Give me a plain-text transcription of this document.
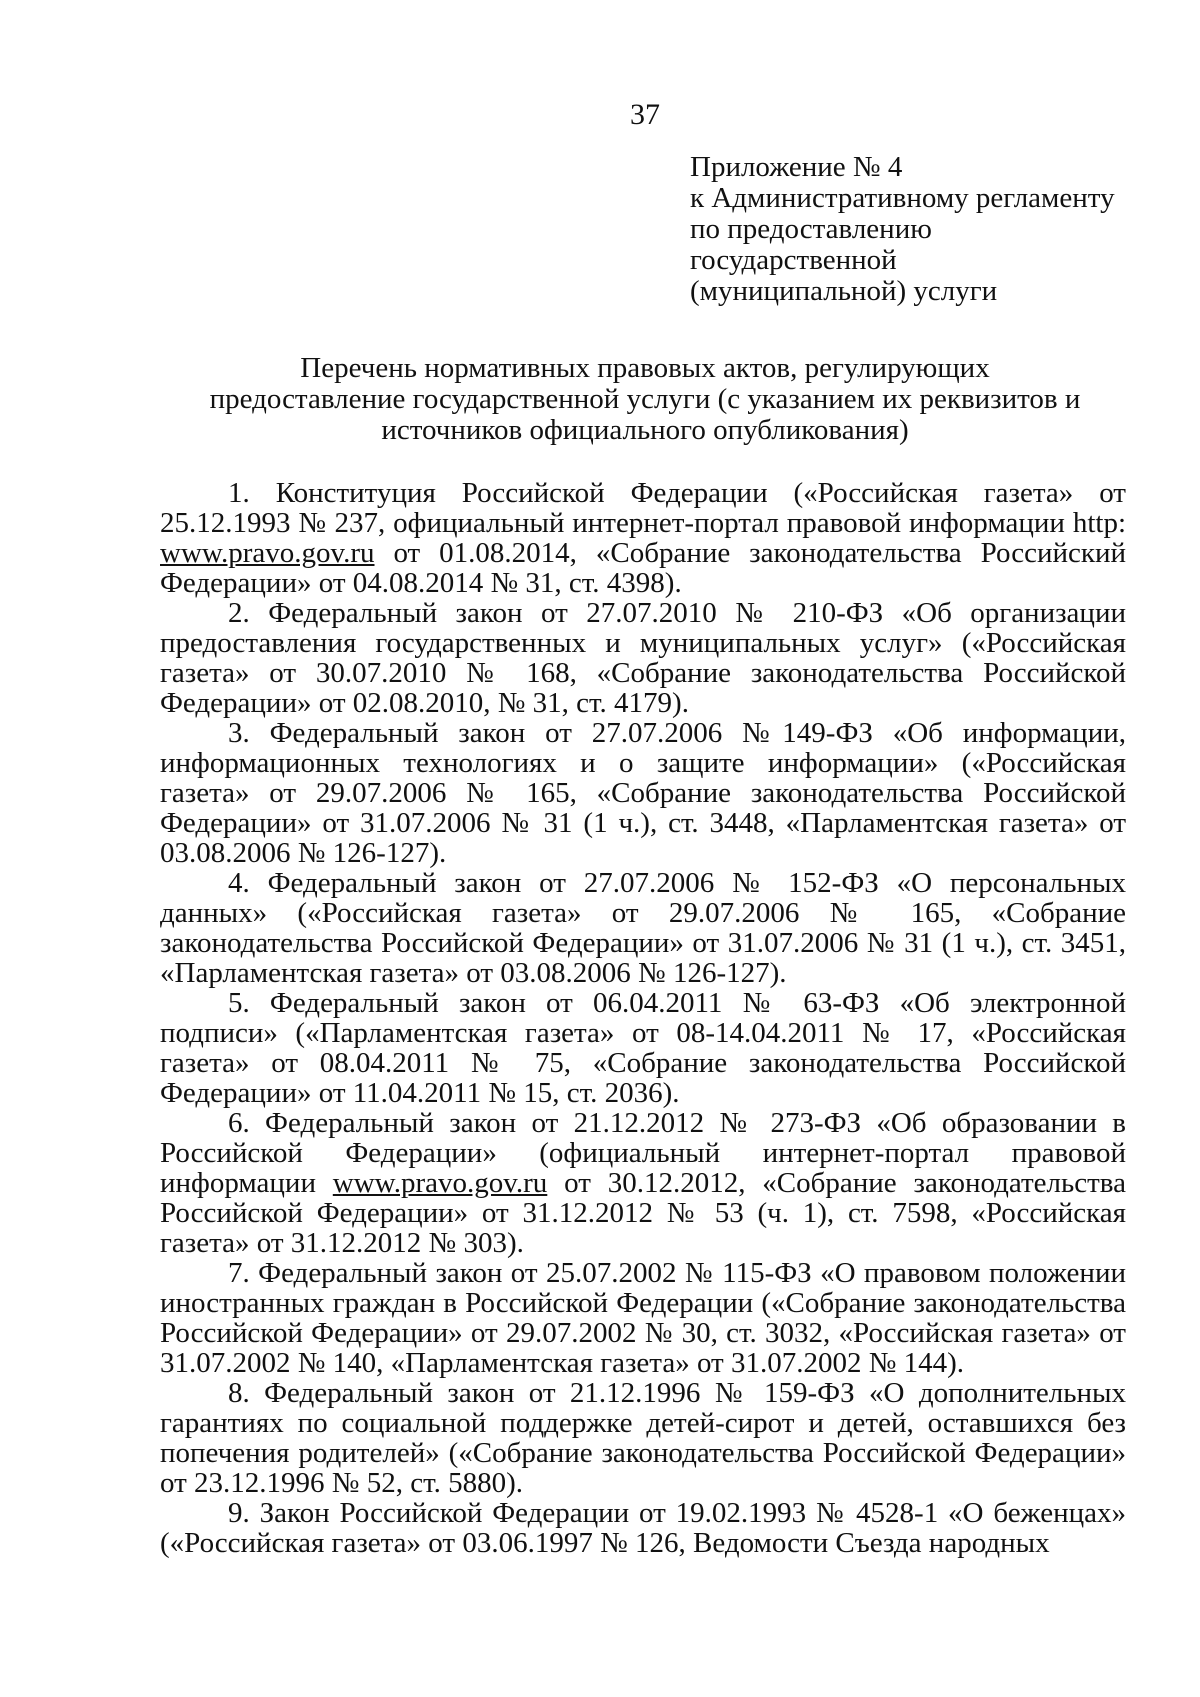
37
Приложение № 4
к Административному регламенту
по предоставлению
государственной
(муниципальной) услуги
Перечень нормативных правовых актов, регулирующих
предоставление государственной услуги (с указанием их реквизитов и
источников официального опубликования)

1. Конституция Российской Федерации («Российская газета» от 25.12.1993 № 237, официальный интернет-портал правовой информации http: www.pravo.gov.ru от 01.08.2014, «Собрание законодательства Российский Федерации» от 04.08.2014 № 31, ст. 4398).

2. Федеральный закон от 27.07.2010 № 210-ФЗ «Об организации предоставления государственных и муниципальных услуг» («Российская газета» от 30.07.2010 № 168, «Собрание законодательства Российской Федерации» от 02.08.2010, № 31, ст. 4179).

3. Федеральный закон от 27.07.2006 №149-ФЗ «Об информации, информационных технологиях и о защите информации» («Российская газета» от 29.07.2006 № 165, «Собрание законодательства Российской Федерации» от 31.07.2006 № 31 (1 ч.), ст. 3448, «Парламентская газета» от 03.08.2006 № 126-127).

4. Федеральный закон от 27.07.2006 № 152-ФЗ «О персональных данных» («Российская газета» от 29.07.2006 № 165, «Собрание законодательства Российской Федерации» от 31.07.2006 № 31 (1 ч.), ст. 3451, «Парламентская газета» от 03.08.2006 № 126-127).

5. Федеральный закон от 06.04.2011 № 63-ФЗ «Об электронной подписи» («Парламентская газета» от 08-14.04.2011 № 17, «Российская газета» от 08.04.2011 № 75, «Собрание законодательства Российской Федерации» от 11.04.2011 № 15, ст. 2036).

6. Федеральный закон от 21.12.2012 № 273-ФЗ «Об образовании в Российской Федерации» (официальный интернет-портал правовой информации www.pravo.gov.ru от 30.12.2012, «Собрание законодательства Российской Федерации» от 31.12.2012 № 53 (ч. 1), ст. 7598, «Российская газета» от 31.12.2012 № 303).

7. Федеральный закон от 25.07.2002 № 115-ФЗ «О правовом положении иностранных граждан в Российской Федерации («Собрание законодательства Российской Федерации» от 29.07.2002 № 30, ст. 3032, «Российская газета» от 31.07.2002 № 140, «Парламентская газета» от 31.07.2002 № 144).

8. Федеральный закон от 21.12.1996 № 159-ФЗ «О дополнительных гарантиях по социальной поддержке детей-сирот и детей, оставшихся без попечения родителей» («Собрание законодательства Российской Федерации» от 23.12.1996 № 52, ст. 5880).

9. Закон Российской Федерации от 19.02.1993 № 4528-1 «О беженцах» («Российская газета» от 03.06.1997 № 126, Ведомости Съезда народных
